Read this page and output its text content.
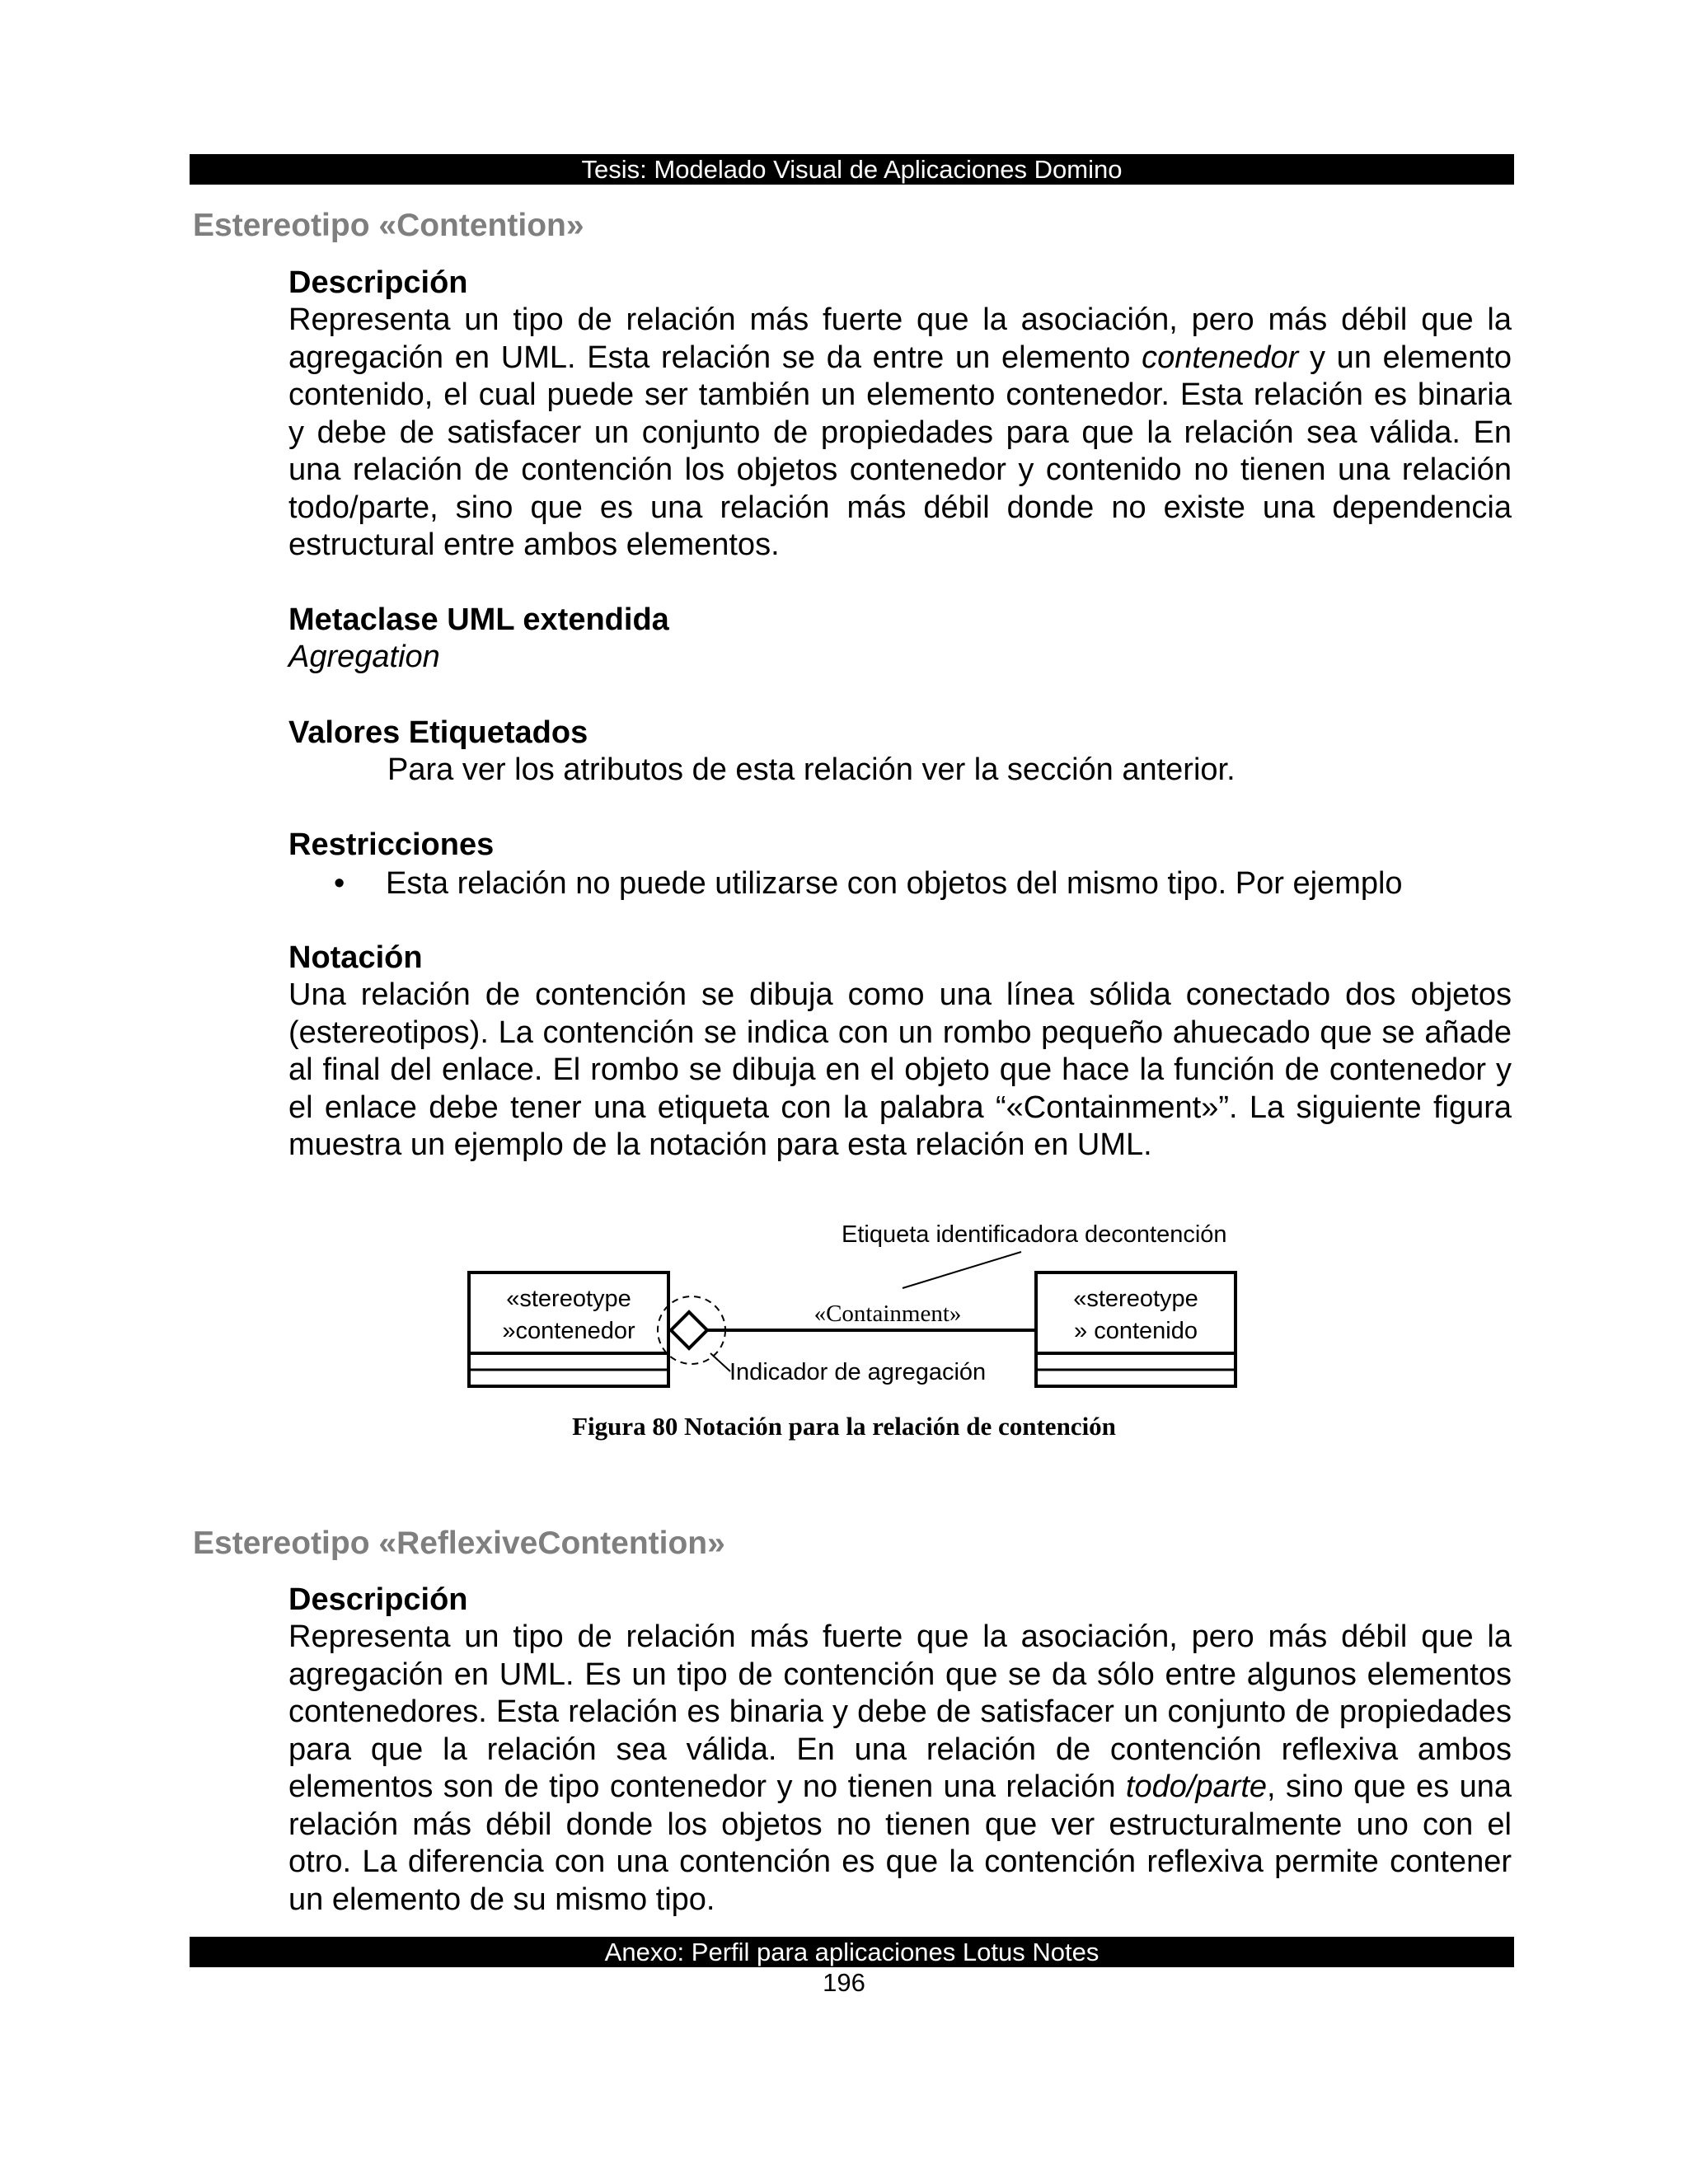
Tesis: Modelado Visual de Aplicaciones Domino
Estereotipo «Contention»
Descripción
Representa un tipo de relación más fuerte que la asociación, pero más débil que la agregación en UML. Esta relación se da entre un elemento contenedor y un elemento contenido, el cual puede ser también un elemento contenedor. Esta relación es binaria y debe de satisfacer un conjunto de propiedades para que la relación sea válida. En una relación de contención los objetos contenedor y contenido no tienen una relación todo/parte, sino que es una relación más débil donde no existe una dependencia estructural entre ambos elementos.
Metaclase UML extendida
Agregation
Valores Etiquetados
Para ver los atributos de esta relación ver la sección anterior.
Restricciones
• Esta relación no puede utilizarse con objetos del mismo tipo. Por ejemplo
Notación
Una relación de contención se dibuja como una línea sólida conectado dos objetos (estereotipos). La contención se indica con un rombo pequeño ahuecado que se añade al final del enlace. El rombo se dibuja en el objeto que hace la función de contenedor y el enlace debe tener una etiqueta con la palabra “«Containment»”. La siguiente figura muestra un ejemplo de la notación para esta relación en UML.
Etiqueta identificadora decontención
«stereotype
»contenedor
«stereotype
» contenido
«Containment»
Indicador de agregación
Figura 80 Notación para la relación de contención
Estereotipo «ReflexiveContention»
Descripción
Representa un tipo de relación más fuerte que la asociación, pero más débil que la agregación en UML. Es un tipo de contención que se da sólo entre algunos elementos contenedores. Esta relación es binaria y debe de satisfacer un conjunto de propiedades para que la relación sea válida. En una relación de contención reflexiva ambos elementos son de tipo contenedor y no tienen una relación todo/parte, sino que es una relación más débil donde los objetos no tienen que ver estructuralmente uno con el otro. La diferencia con una contención es que la contención reflexiva permite contener un elemento de su mismo tipo.
Anexo: Perfil para aplicaciones Lotus Notes
196
